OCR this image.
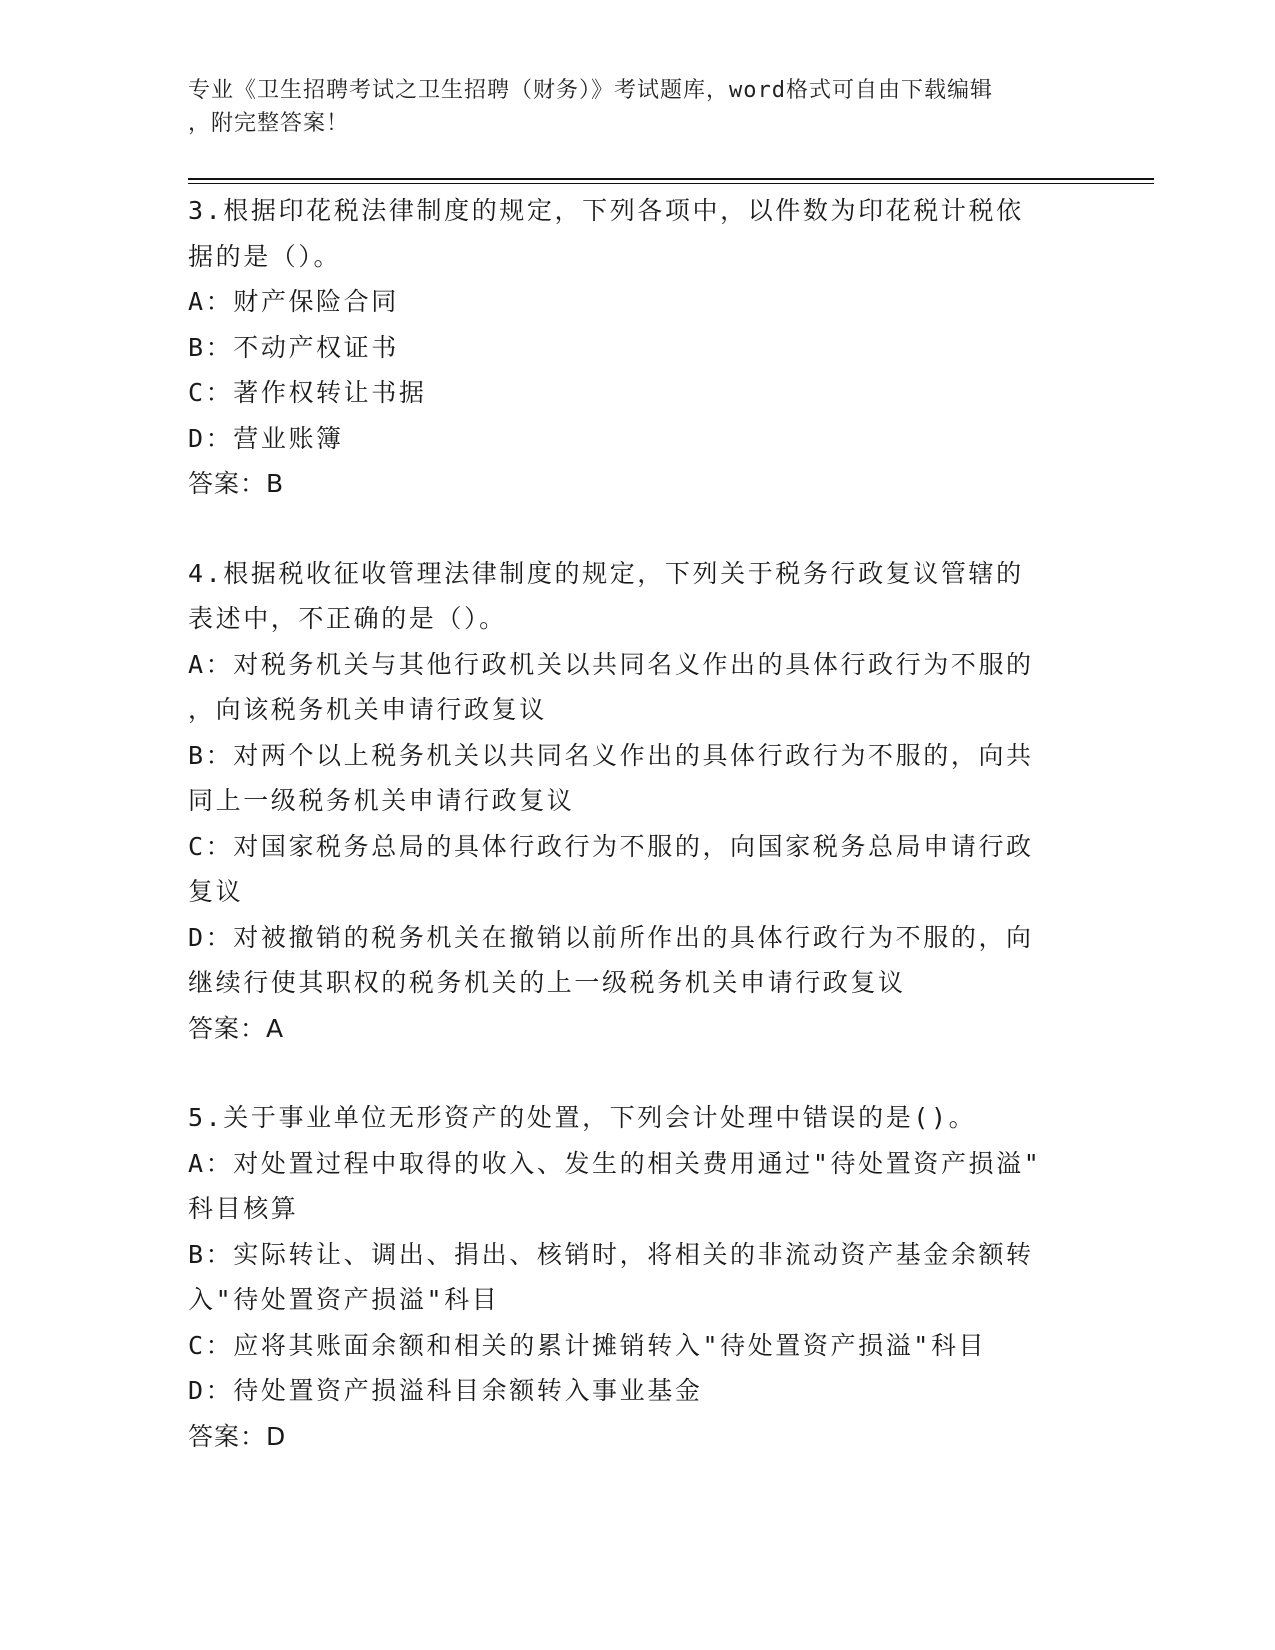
专业《卫生招聘考试之卫生招聘（财务）》考试题库，word格式可自由下载编辑
，附完整答案！
3.根据印花税法律制度的规定，下列各项中，以件数为印花税计税依
据的是（）。
A：财产保险合同
B：不动产权证书
C：著作权转让书据
D：营业账簿
答案：B
4.根据税收征收管理法律制度的规定，下列关于税务行政复议管辖的
表述中，不正确的是（）。
A：对税务机关与其他行政机关以共同名义作出的具体行政行为不服的
，向该税务机关申请行政复议
B：对两个以上税务机关以共同名义作出的具体行政行为不服的，向共
同上一级税务机关申请行政复议
C：对国家税务总局的具体行政行为不服的，向国家税务总局申请行政
复议
D：对被撤销的税务机关在撤销以前所作出的具体行政行为不服的，向
继续行使其职权的税务机关的上一级税务机关申请行政复议
答案：A
5.关于事业单位无形资产的处置，下列会计处理中错误的是()。
A：对处置过程中取得的收入、发生的相关费用通过"待处置资产损溢"
科目核算
B：实际转让、调出、捐出、核销时，将相关的非流动资产基金余额转
入"待处置资产损溢"科目
C：应将其账面余额和相关的累计摊销转入"待处置资产损溢"科目
D：待处置资产损溢科目余额转入事业基金
答案：D
